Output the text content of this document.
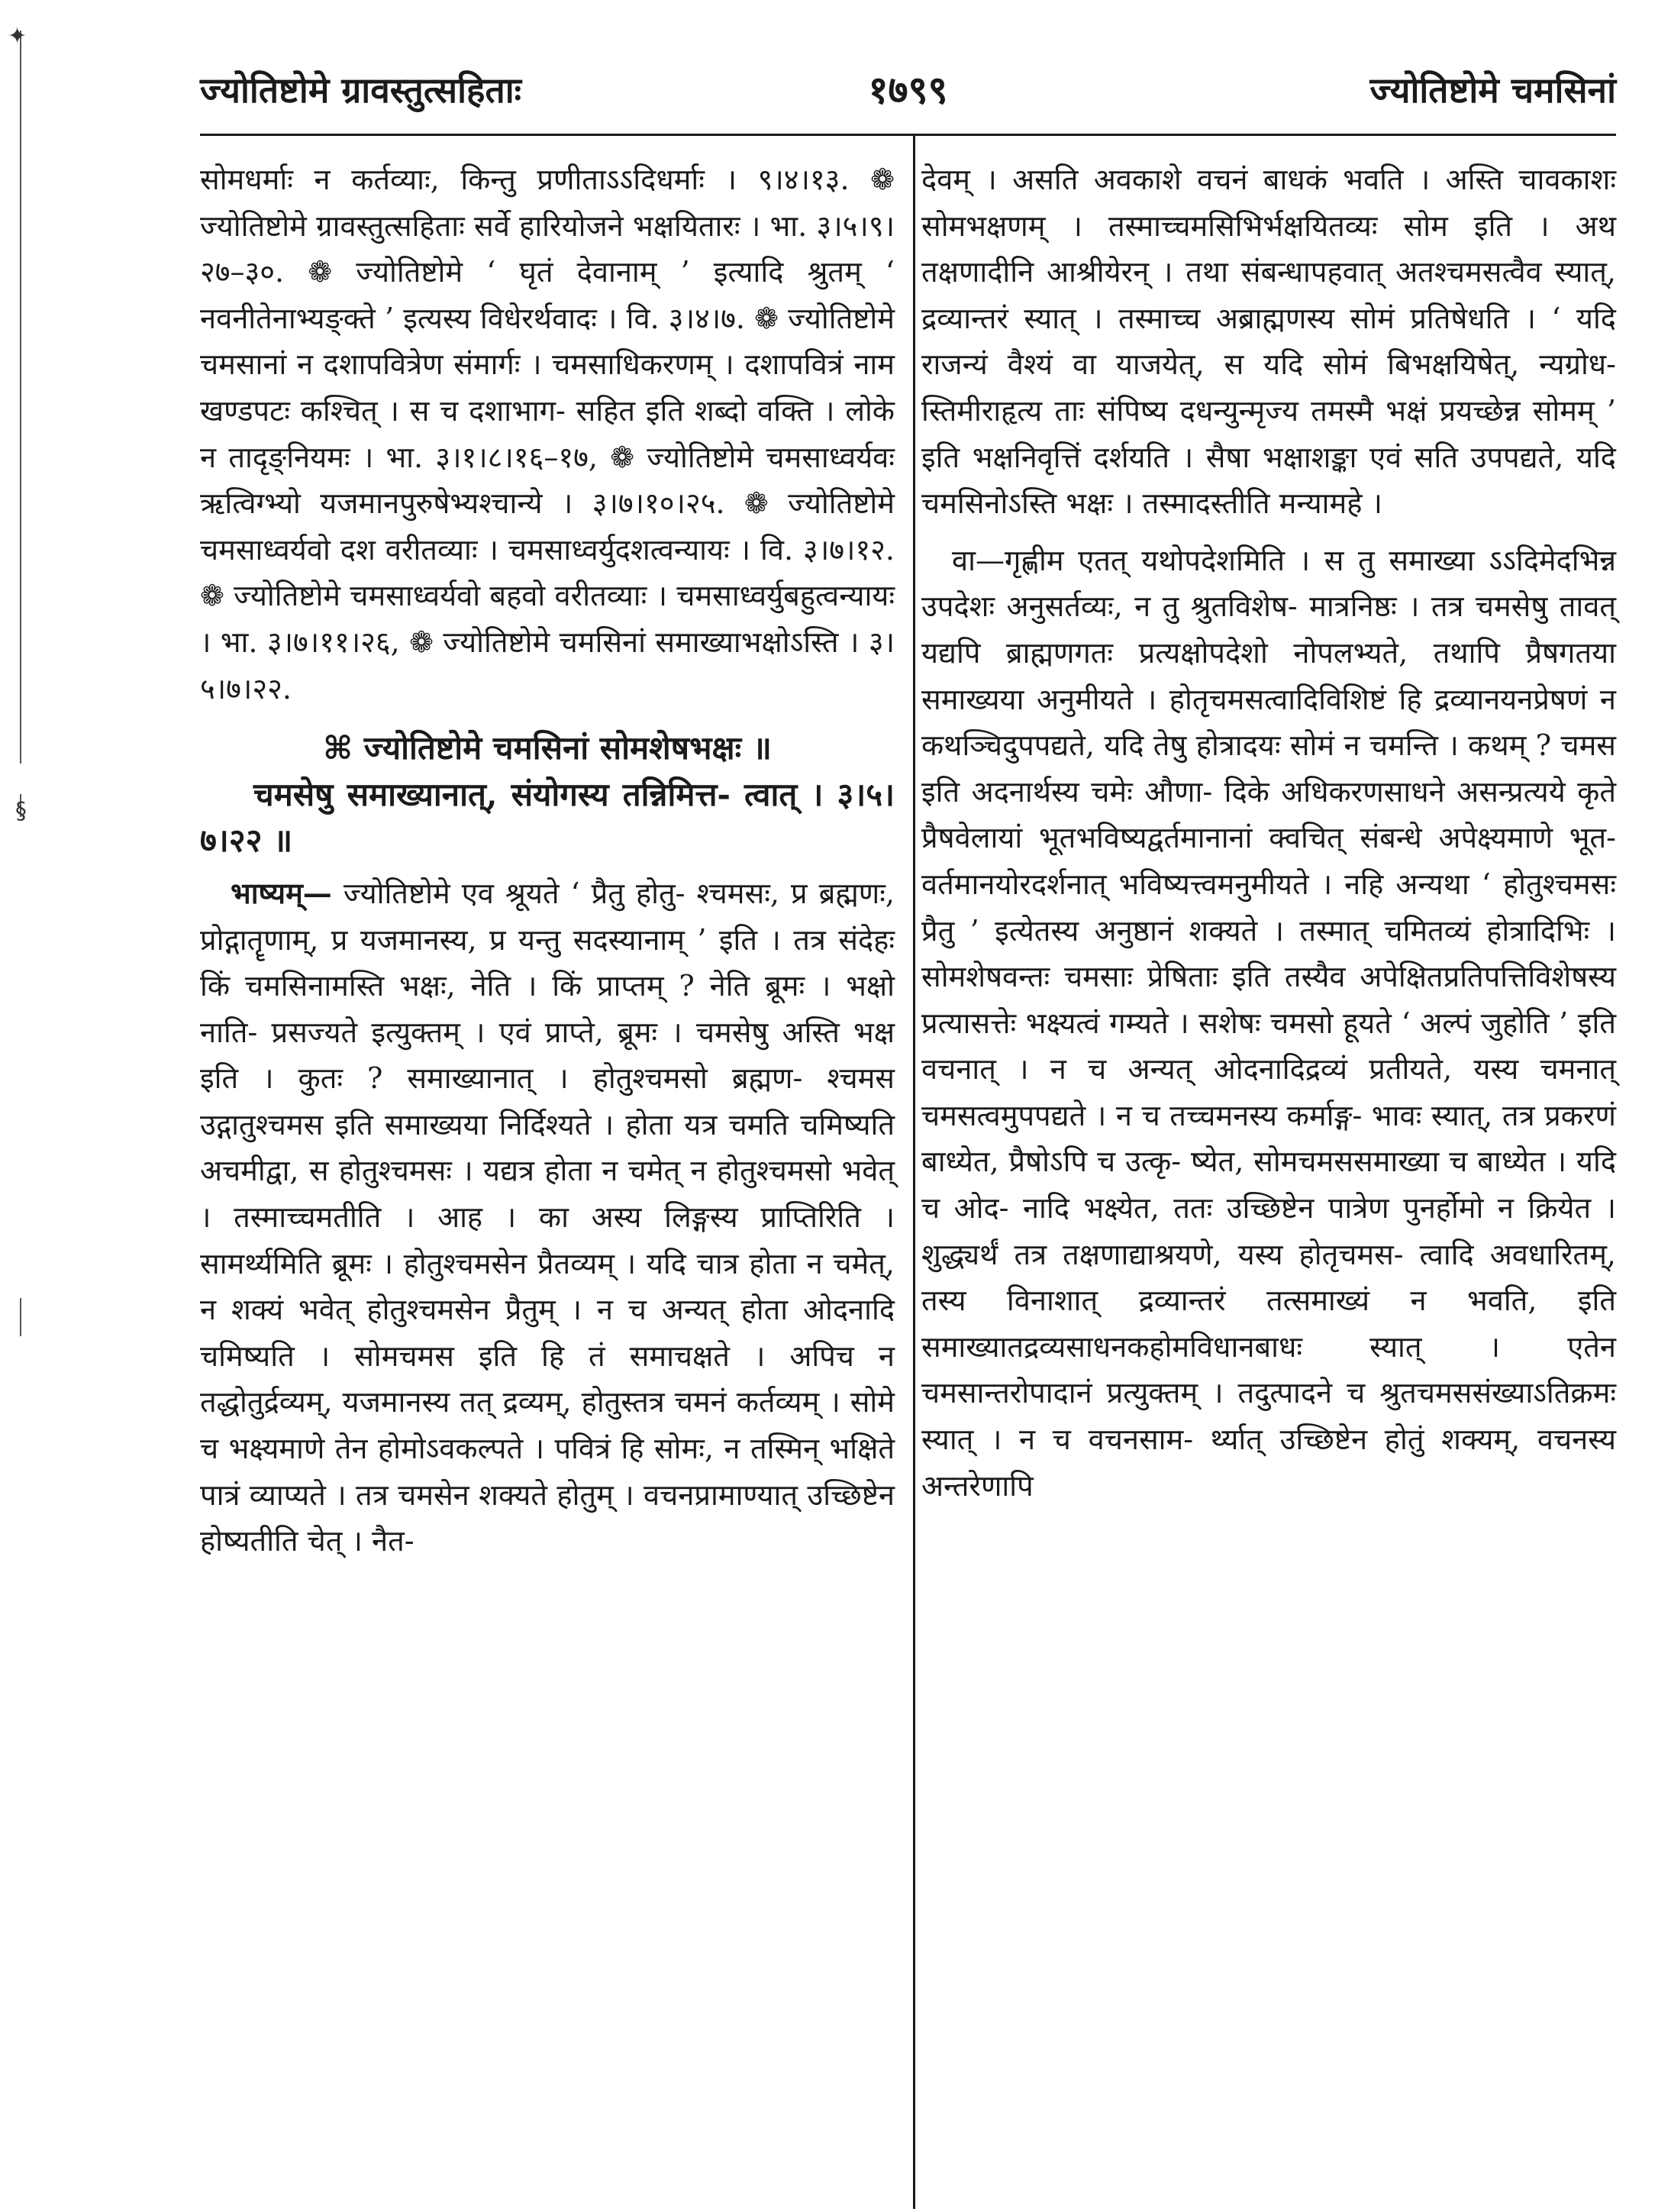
✦
§
१७९९
ज्योतिष्टोमे ग्रावस्तुत्सहिताः	ज्योतिष्टोमे चमसिनां

सोमधर्माः न कर्तव्याः, किन्तु प्रणीताऽऽदिधर्माः । ९।४।१३. ❁ ज्योतिष्टोमे ग्रावस्तुत्सहिताः सर्वे हारियोजने भक्षयितारः । भा. ३।५।९।२७–३०. ❁ ज्योतिष्टोमे ‘ घृतं देवानाम् ’ इत्यादि श्रुतम् ‘ नवनीतेनाभ्यङ्क्ते ’ इत्यस्य विधेरर्थवादः । वि. ३।४।७. ❁ ज्योतिष्टोमे चमसानां न दशापवित्रेण संमार्गः । चमसाधिकरणम् । दशापवित्रं नाम खण्डपटः कश्चित् । स च दशाभाग- सहित इति शब्दो वक्ति । लोके न तादृङ्नियमः । भा. ३।१।८।१६–१७, ❁ ज्योतिष्टोमे चमसाध्वर्यवः ऋत्विग्भ्यो यजमानपुरुषेभ्यश्चान्ये । ३।७।१०।२५. ❁ ज्योतिष्टोमे चमसाध्वर्यवो दश वरीतव्याः । चमसाध्वर्युदशत्वन्यायः । वि. ३।७।१२. ❁ ज्योतिष्टोमे चमसाध्वर्यवो बहवो वरीतव्याः । चमसाध्वर्युबहुत्वन्यायः । भा. ३।७।११।२६, ❁ ज्योतिष्टोमे चमसिनां समाख्याभक्षोऽस्ति । ३।५।७।२२.

⌘ ज्योतिष्टोमे चमसिनां सोमशेषभक्षः ॥

चमसेषु समाख्यानात्, संयोगस्य तन्निमित्त- त्वात् । ३।५।७।२२ ॥

भाष्यम्— ज्योतिष्टोमे एव श्रूयते ‘ प्रैतु होतु- श्चमसः, प्र ब्रह्मणः, प्रोद्गातॄणाम्, प्र यजमानस्य, प्र यन्तु सदस्यानाम् ’ इति । तत्र संदेहः किं चमसिनामस्ति भक्षः, नेति । किं प्राप्तम् ? नेति ब्रूमः । भक्षो नाति- प्रसज्यते इत्युक्तम् । एवं प्राप्ते, ब्रूमः । चमसेषु अस्ति भक्ष इति । कुतः ? समाख्यानात् । होतुश्चमसो ब्रह्मण- श्चमस उद्गातुश्चमस इति समाख्यया निर्दिश्यते । होता यत्र चमति चमिष्यति अचमीद्वा, स होतुश्चमसः । यद्यत्र होता न चमेत् न होतुश्चमसो भवेत् । तस्माच्चमतीति । आह । का अस्य लिङ्गस्य प्राप्तिरिति । सामर्थ्यमिति ब्रूमः । होतुश्चमसेन प्रैतव्यम् । यदि चात्र होता न चमेत्, न शक्यं भवेत् होतुश्चमसेन प्रैतुम् । न च अन्यत् होता ओदनादि चमिष्यति । सोमचमस इति हि तं समाचक्षते । अपिच न तद्धोतुर्द्रव्यम्, यजमानस्य तत् द्रव्यम्, होतुस्तत्र चमनं कर्तव्यम् । सोमे च भक्ष्यमाणे तेन होमोऽवकल्पते । पवित्रं हि सोमः, न तस्मिन् भक्षिते पात्रं व्याप्यते । तत्र चमसेन शक्यते होतुम् । वचनप्रामाण्यात् उच्छिष्टेन होष्यतीति चेत् । नैत-

देवम् । असति अवकाशे वचनं बाधकं भवति । अस्ति चावकाशः सोमभक्षणम् । तस्माच्चमसिभिर्भक्षयितव्यः सोम इति । अथ तक्षणादीनि आश्रीयेरन् । तथा संबन्धापहवात् अतश्चमसत्वैव स्यात्, द्रव्यान्तरं स्यात् । तस्माच्च अब्राह्मणस्य सोमं प्रतिषेधति । ‘ यदि राजन्यं वैश्यं वा याजयेत्, स यदि सोमं बिभक्षयिषेत्, न्यग्रोध- स्तिमीराहृत्य ताः संपिष्य दधन्युन्मृज्य तमस्मै भक्षं प्रयच्छेन्न सोमम् ’ इति भक्षनिवृत्तिं दर्शयति । सैषा भक्षाशङ्का एवं सति उपपद्यते, यदि चमसिनोऽस्ति भक्षः । तस्मादस्तीति मन्यामहे ।

वा—गृह्णीम एतत् यथोपदेशमिति । स तु समाख्या ऽऽदिमेदभिन्न उपदेशः अनुसर्तव्यः, न तु श्रुतविशेष- मात्रनिष्ठः । तत्र चमसेषु तावत् यद्यपि ब्राह्मणगतः प्रत्यक्षोपदेशो नोपलभ्यते, तथापि प्रैषगतया समाख्यया अनुमीयते । होतृचमसत्वादिविशिष्टं हि द्रव्यानयनप्रेषणं न कथञ्चिदुपपद्यते, यदि तेषु होत्रादयः सोमं न चमन्ति । कथम् ? चमस इति अदनार्थस्य चमेः औणा- दिके अधिकरणसाधने असन्प्रत्यये कृते प्रैषवेलायां भूतभविष्यद्वर्तमानानां क्वचित् संबन्धे अपेक्ष्यमाणे भूत- वर्तमानयोरदर्शनात् भविष्यत्त्वमनुमीयते । नहि अन्यथा ‘ होतुश्चमसः प्रैतु ’ इत्येतस्य अनुष्ठानं शक्यते । तस्मात् चमितव्यं होत्रादिभिः । सोमशेषवन्तः चमसाः प्रेषिताः इति तस्यैव अपेक्षितप्रतिपत्तिविशेषस्य प्रत्यासत्तेः भक्ष्यत्वं गम्यते । सशेषः चमसो हूयते ‘ अल्पं जुहोति ’ इति वचनात् । न च अन्यत् ओदनादिद्रव्यं प्रतीयते, यस्य चमनात् चमसत्वमुपपद्यते । न च तच्चमनस्य कर्माङ्ग- भावः स्यात्, तत्र प्रकरणं बाध्येत, प्रैषोऽपि च उत्कृ- ष्येत, सोमचमससमाख्या च बाध्येत । यदि च ओद- नादि भक्ष्येत, ततः उच्छिष्टेन पात्रेण पुनर्होमो न क्रियेत । शुद्ध्यर्थं तत्र तक्षणाद्याश्रयणे, यस्य होतृचमस- त्वादि अवधारितम्, तस्य विनाशात् द्रव्यान्तरं तत्समाख्यं न भवति, इति समाख्यातद्रव्यसाधनकहोमविधानबाधः स्यात् । एतेन चमसान्तरोपादानं प्रत्युक्तम् । तदुत्पादने च श्रुतचमससंख्याऽतिक्रमः स्यात् । न च वचनसाम- र्थ्यात् उच्छिष्टेन होतुं शक्यम्, वचनस्य अन्तरेणापि
